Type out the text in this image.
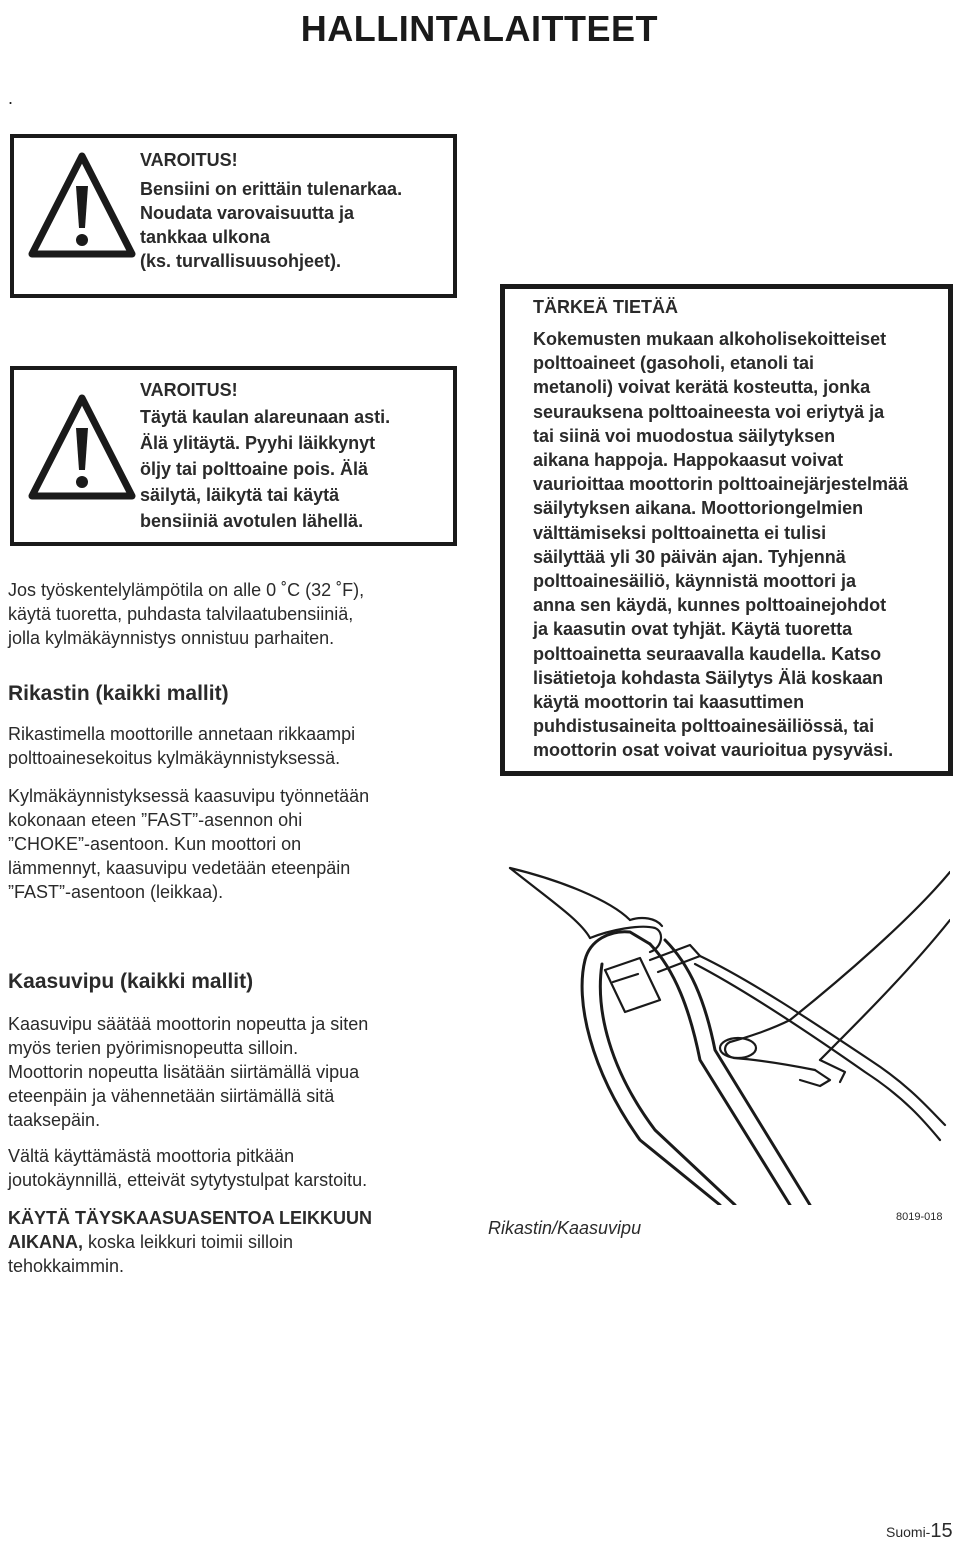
HALLINTALAITTEET
.
VAROITUS!
Bensiini on erittäin tulenarkaa.
Noudata varovaisuutta ja
tankkaa ulkona
(ks. turvallisuusohjeet).
VAROITUS!
Täytä kaulan alareunaan asti.
Älä ylitäytä. Pyyhi läikkynyt
öljy tai polttoaine pois. Älä
säilytä, läikytä tai käytä
bensiiniä avotulen lähellä.
Jos työskentelylämpötila on alle 0 ˚C (32 ˚F),
käytä tuoretta, puhdasta talvilaatubensiiniä,
jolla kylmäkäynnistys onnistuu parhaiten.
Rikastin (kaikki mallit)
Rikastimella moottorille annetaan rikkaampi
polttoainesekoitus kylmäkäynnistyksessä.
Kylmäkäynnistyksessä kaasuvipu työnnetään
kokonaan eteen ”FAST”-asennon ohi
”CHOKE”-asentoon. Kun moottori on
lämmennyt, kaasuvipu vedetään eteenpäin
”FAST”-asentoon (leikkaa).
Kaasuvipu (kaikki mallit)
Kaasuvipu säätää moottorin nopeutta ja siten
myös terien pyörimisnopeutta silloin.
Moottorin nopeutta lisätään siirtämällä vipua
eteenpäin ja vähennetään siirtämällä sitä
taaksepäin.
Vältä käyttämästä moottoria pitkään
joutokäynnillä, etteivät sytytystulpat karstoitu.
KÄYTÄ TÄYSKAASUASENTOA LEIKKUUN
AIKANA, koska leikkuri toimii silloin
tehokkaimmin.
TÄRKEÄ TIETÄÄ
Kokemusten mukaan alkoholisekoitteiset
polttoaineet (gasoholi, etanoli tai
metanoli) voivat kerätä kosteutta, jonka
seurauksena polttoaineesta voi eriytyä ja
tai siinä voi muodostua säilytyksen
aikana happoja. Happokaasut voivat
vaurioittaa moottorin polttoainejärjestelmää
säilytyksen aikana. Moottoriongelmien
välttämiseksi polttoainetta ei tulisi
säilyttää yli 30 päivän ajan. Tyhjennä
polttoainesäiliö, käynnistä moottori ja
anna sen käydä, kunnes polttoainejohdot
ja kaasutin ovat tyhjät. Käytä tuoretta
polttoainetta seuraavalla kaudella. Katso
lisätietoja kohdasta Säilytys Älä koskaan
käytä moottorin tai kaasuttimen
puhdistusaineita polttoainesäiliössä, tai
moottorin osat voivat vaurioitua pysyväsi.
Rikastin/Kaasuvipu
8019-018
Suomi-15
